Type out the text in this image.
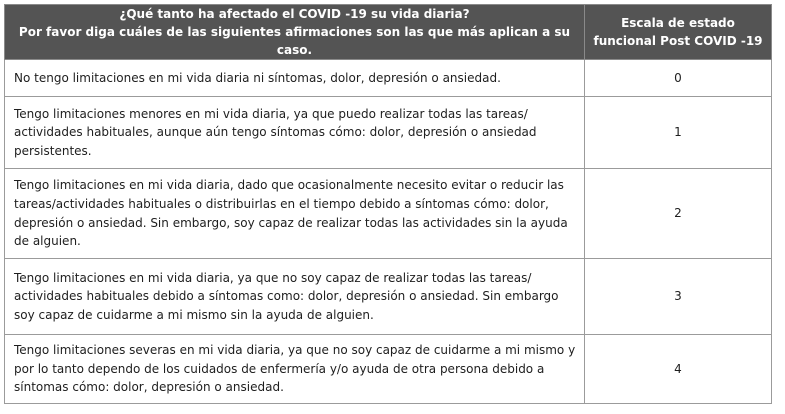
¿Qué tanto ha afectado el COVID -19 su vida diaria?
Por favor diga cuáles de las siguientes afirmaciones son las que más aplican a su caso.	Escala de estado
funcional Post COVID -19

No tengo limitaciones en mi vida diaria ni síntomas, dolor, depresión o ansiedad.	0
Tengo limitaciones menores en mi vida diaria, ya que puedo realizar todas las tareas/ actividades habituales, aunque aún tengo síntomas cómo: dolor, depresión o ansiedad persistentes.	1
Tengo limitaciones en mi vida diaria, dado que ocasionalmente necesito evitar o reducir las tareas/actividades habituales o distribuirlas en el tiempo debido a síntomas cómo: dolor, depresión o ansiedad. Sin embargo, soy capaz de realizar todas las actividades sin la ayuda de alguien.	2
Tengo limitaciones en mi vida diaria, ya que no soy capaz de realizar todas las tareas/ actividades habituales debido a síntomas como: dolor, depresión o ansiedad. Sin embargo soy capaz de cuidarme a mi mismo sin la ayuda de alguien.	3
Tengo limitaciones severas en mi vida diaria, ya que no soy capaz de cuidarme a mi mismo y por lo tanto dependo de los cuidados de enfermería y/o ayuda de otra persona debido a síntomas cómo: dolor, depresión o ansiedad.	4
